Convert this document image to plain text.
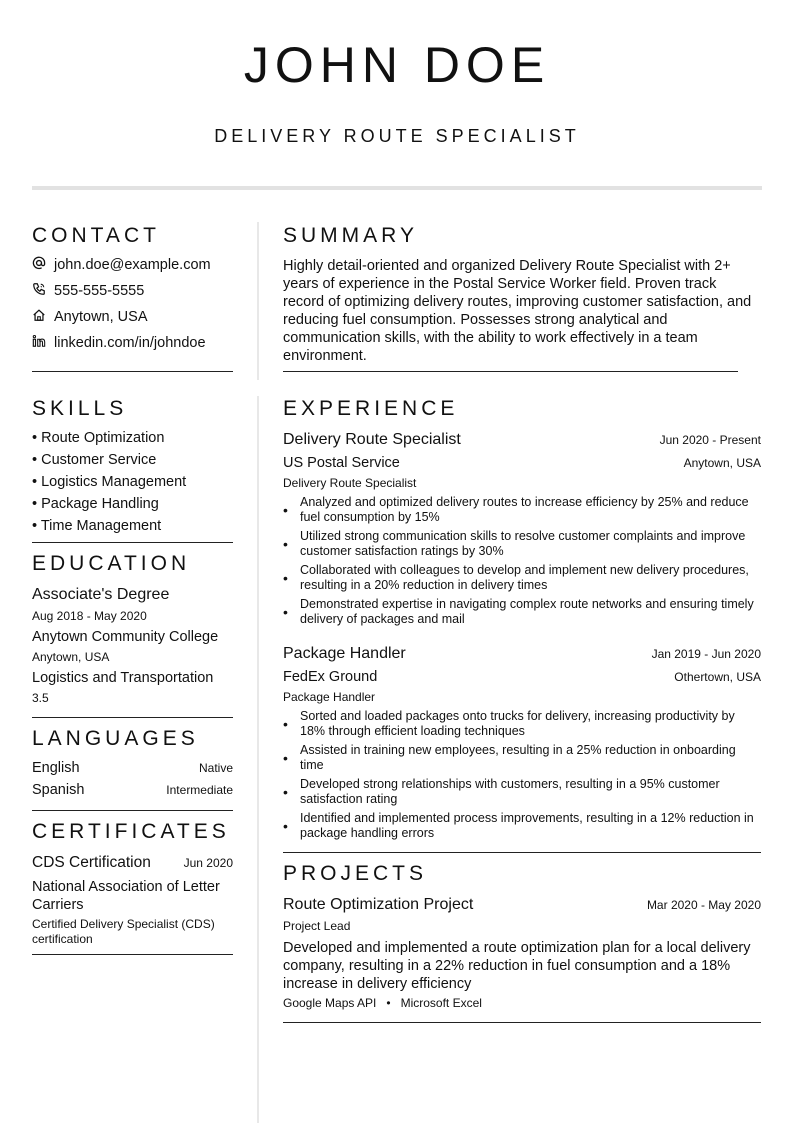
JOHN DOE
DELIVERY ROUTE SPECIALIST
CONTACT
john.doe@example.com
555-555-5555
Anytown, USA
linkedin.com/in/johndoe
SKILLS
• Route Optimization
• Customer Service
• Logistics Management
• Package Handling
• Time Management
EDUCATION
Associate's Degree
Aug 2018 - May 2020
Anytown Community College
Anytown, USA
Logistics and Transportation
3.5
LANGUAGES
English	Native
Spanish	Intermediate
CERTIFICATES
CDS Certification	Jun 2020
National Association of Letter Carriers
Certified Delivery Specialist (CDS) certification
SUMMARY
Highly detail-oriented and organized Delivery Route Specialist with 2+ years of experience in the Postal Service Worker field. Proven track record of optimizing delivery routes, improving customer satisfaction, and reducing fuel consumption. Possesses strong analytical and communication skills, with the ability to work effectively in a team environment.
EXPERIENCE
Delivery Route Specialist	Jun 2020 - Present
US Postal Service	Anytown, USA
Delivery Route Specialist
• Analyzed and optimized delivery routes to increase efficiency by 25% and reduce fuel consumption by 15%
• Utilized strong communication skills to resolve customer complaints and improve customer satisfaction ratings by 30%
• Collaborated with colleagues to develop and implement new delivery procedures, resulting in a 20% reduction in delivery times
• Demonstrated expertise in navigating complex route networks and ensuring timely delivery of packages and mail
Package Handler	Jan 2019 - Jun 2020
FedEx Ground	Othertown, USA
Package Handler
• Sorted and loaded packages onto trucks for delivery, increasing productivity by 18% through efficient loading techniques
• Assisted in training new employees, resulting in a 25% reduction in onboarding time
• Developed strong relationships with customers, resulting in a 95% customer satisfaction rating
• Identified and implemented process improvements, resulting in a 12% reduction in package handling errors
PROJECTS
Route Optimization Project	Mar 2020 - May 2020
Project Lead
Developed and implemented a route optimization plan for a local delivery company, resulting in a 22% reduction in fuel consumption and a 18% increase in delivery efficiency
Google Maps API • Microsoft Excel
